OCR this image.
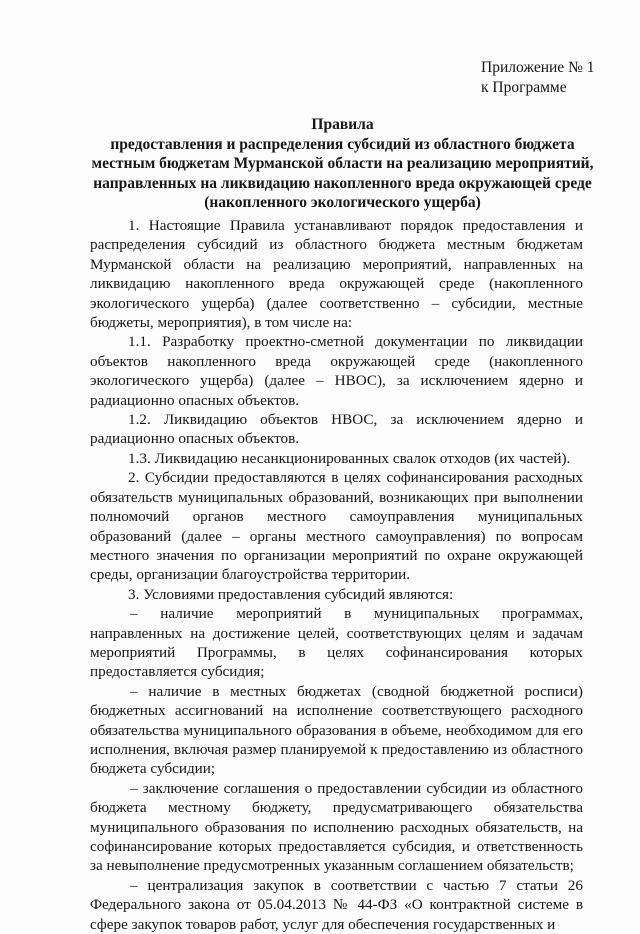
Приложение № 1
к Программе
Правила
предоставления и распределения субсидий из областного бюджета
местным бюджетам Мурманской области на реализацию мероприятий,
направленных на ликвидацию накопленного вреда окружающей среде
(накопленного экологического ущерба)

1. Настоящие Правила устанавливают порядок предоставления и распределения субсидий из областного бюджета местным бюджетам Мурманской области на реализацию мероприятий, направленных на ликвидацию накопленного вреда окружающей среде (накопленного экологического ущерба) (далее соответственно – субсидии, местные бюджеты, мероприятия), в том числе на:

1.1. Разработку проектно-сметной документации по ликвидации объектов накопленного вреда окружающей среде (накопленного экологического ущерба) (далее – НВОС), за исключением ядерно и радиационно опасных объектов.

1.2. Ликвидацию объектов НВОС, за исключением ядерно и радиационно опасных объектов.

1.3. Ликвидацию несанкционированных свалок отходов (их частей).

2. Субсидии предоставляются в целях софинансирования расходных обязательств муниципальных образований, возникающих при выполнении полномочий органов местного самоуправления муниципальных образований (далее – органы местного самоуправления) по вопросам местного значения по организации мероприятий по охране окружающей среды, организации благоустройства территории.

3. Условиями предоставления субсидий являются:

– наличие мероприятий в муниципальных программах, направленных на достижение целей, соответствующих целям и задачам мероприятий Программы, в целях софинансирования которых предоставляется субсидия;

– наличие в местных бюджетах (сводной бюджетной росписи) бюджетных ассигнований на исполнение соответствующего расходного обязательства муниципального образования в объеме, необходимом для его исполнения, включая размер планируемой к предоставлению из областного бюджета субсидии;

– заключение соглашения о предоставлении субсидии из областного бюджета местному бюджету, предусматривающего обязательства муниципального образования по исполнению расходных обязательств, на софинансирование которых предоставляется субсидия, и ответственность за невыполнение предусмотренных указанным соглашением обязательств;

– централизация закупок в соответствии с частью 7 статьи 26 Федерального закона от 05.04.2013 № 44-ФЗ «О контрактной системе в сфере закупок товаров работ, услуг для обеспечения государственных и
